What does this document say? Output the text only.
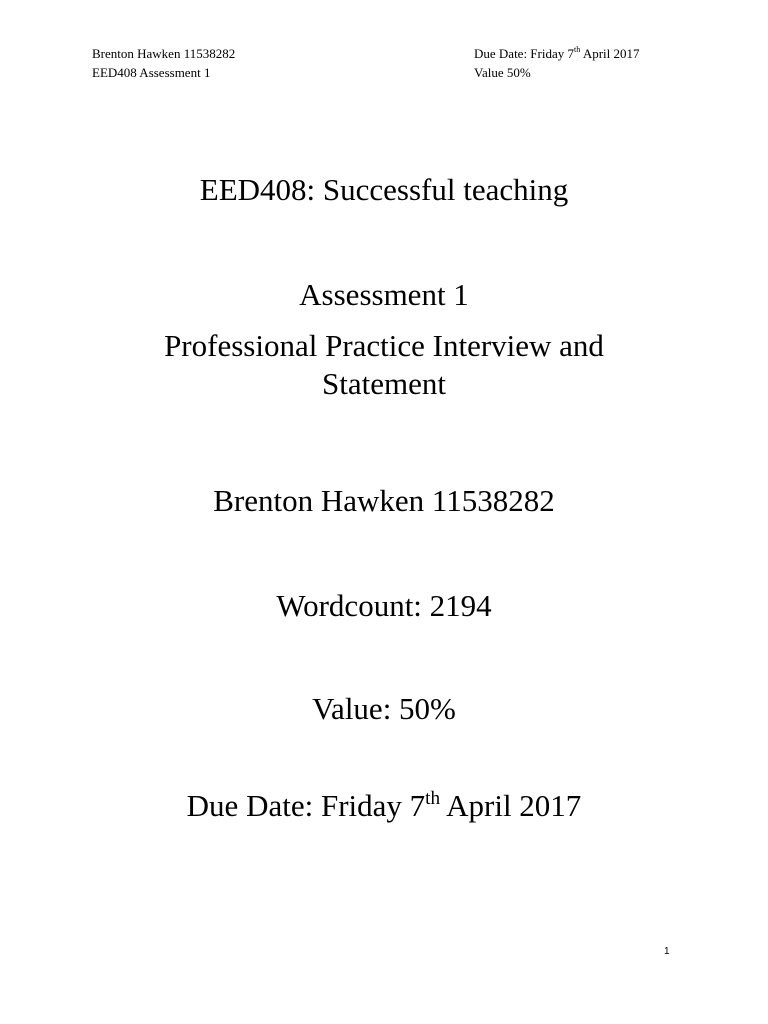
Brenton Hawken 11538282
EED408 Assessment 1
Due Date: Friday 7th April 2017
Value 50%
EED408: Successful teaching
Assessment 1
Professional Practice Interview and
Statement
Brenton Hawken 11538282
Wordcount: 2194
Value: 50%
Due Date: Friday 7th April 2017
1
